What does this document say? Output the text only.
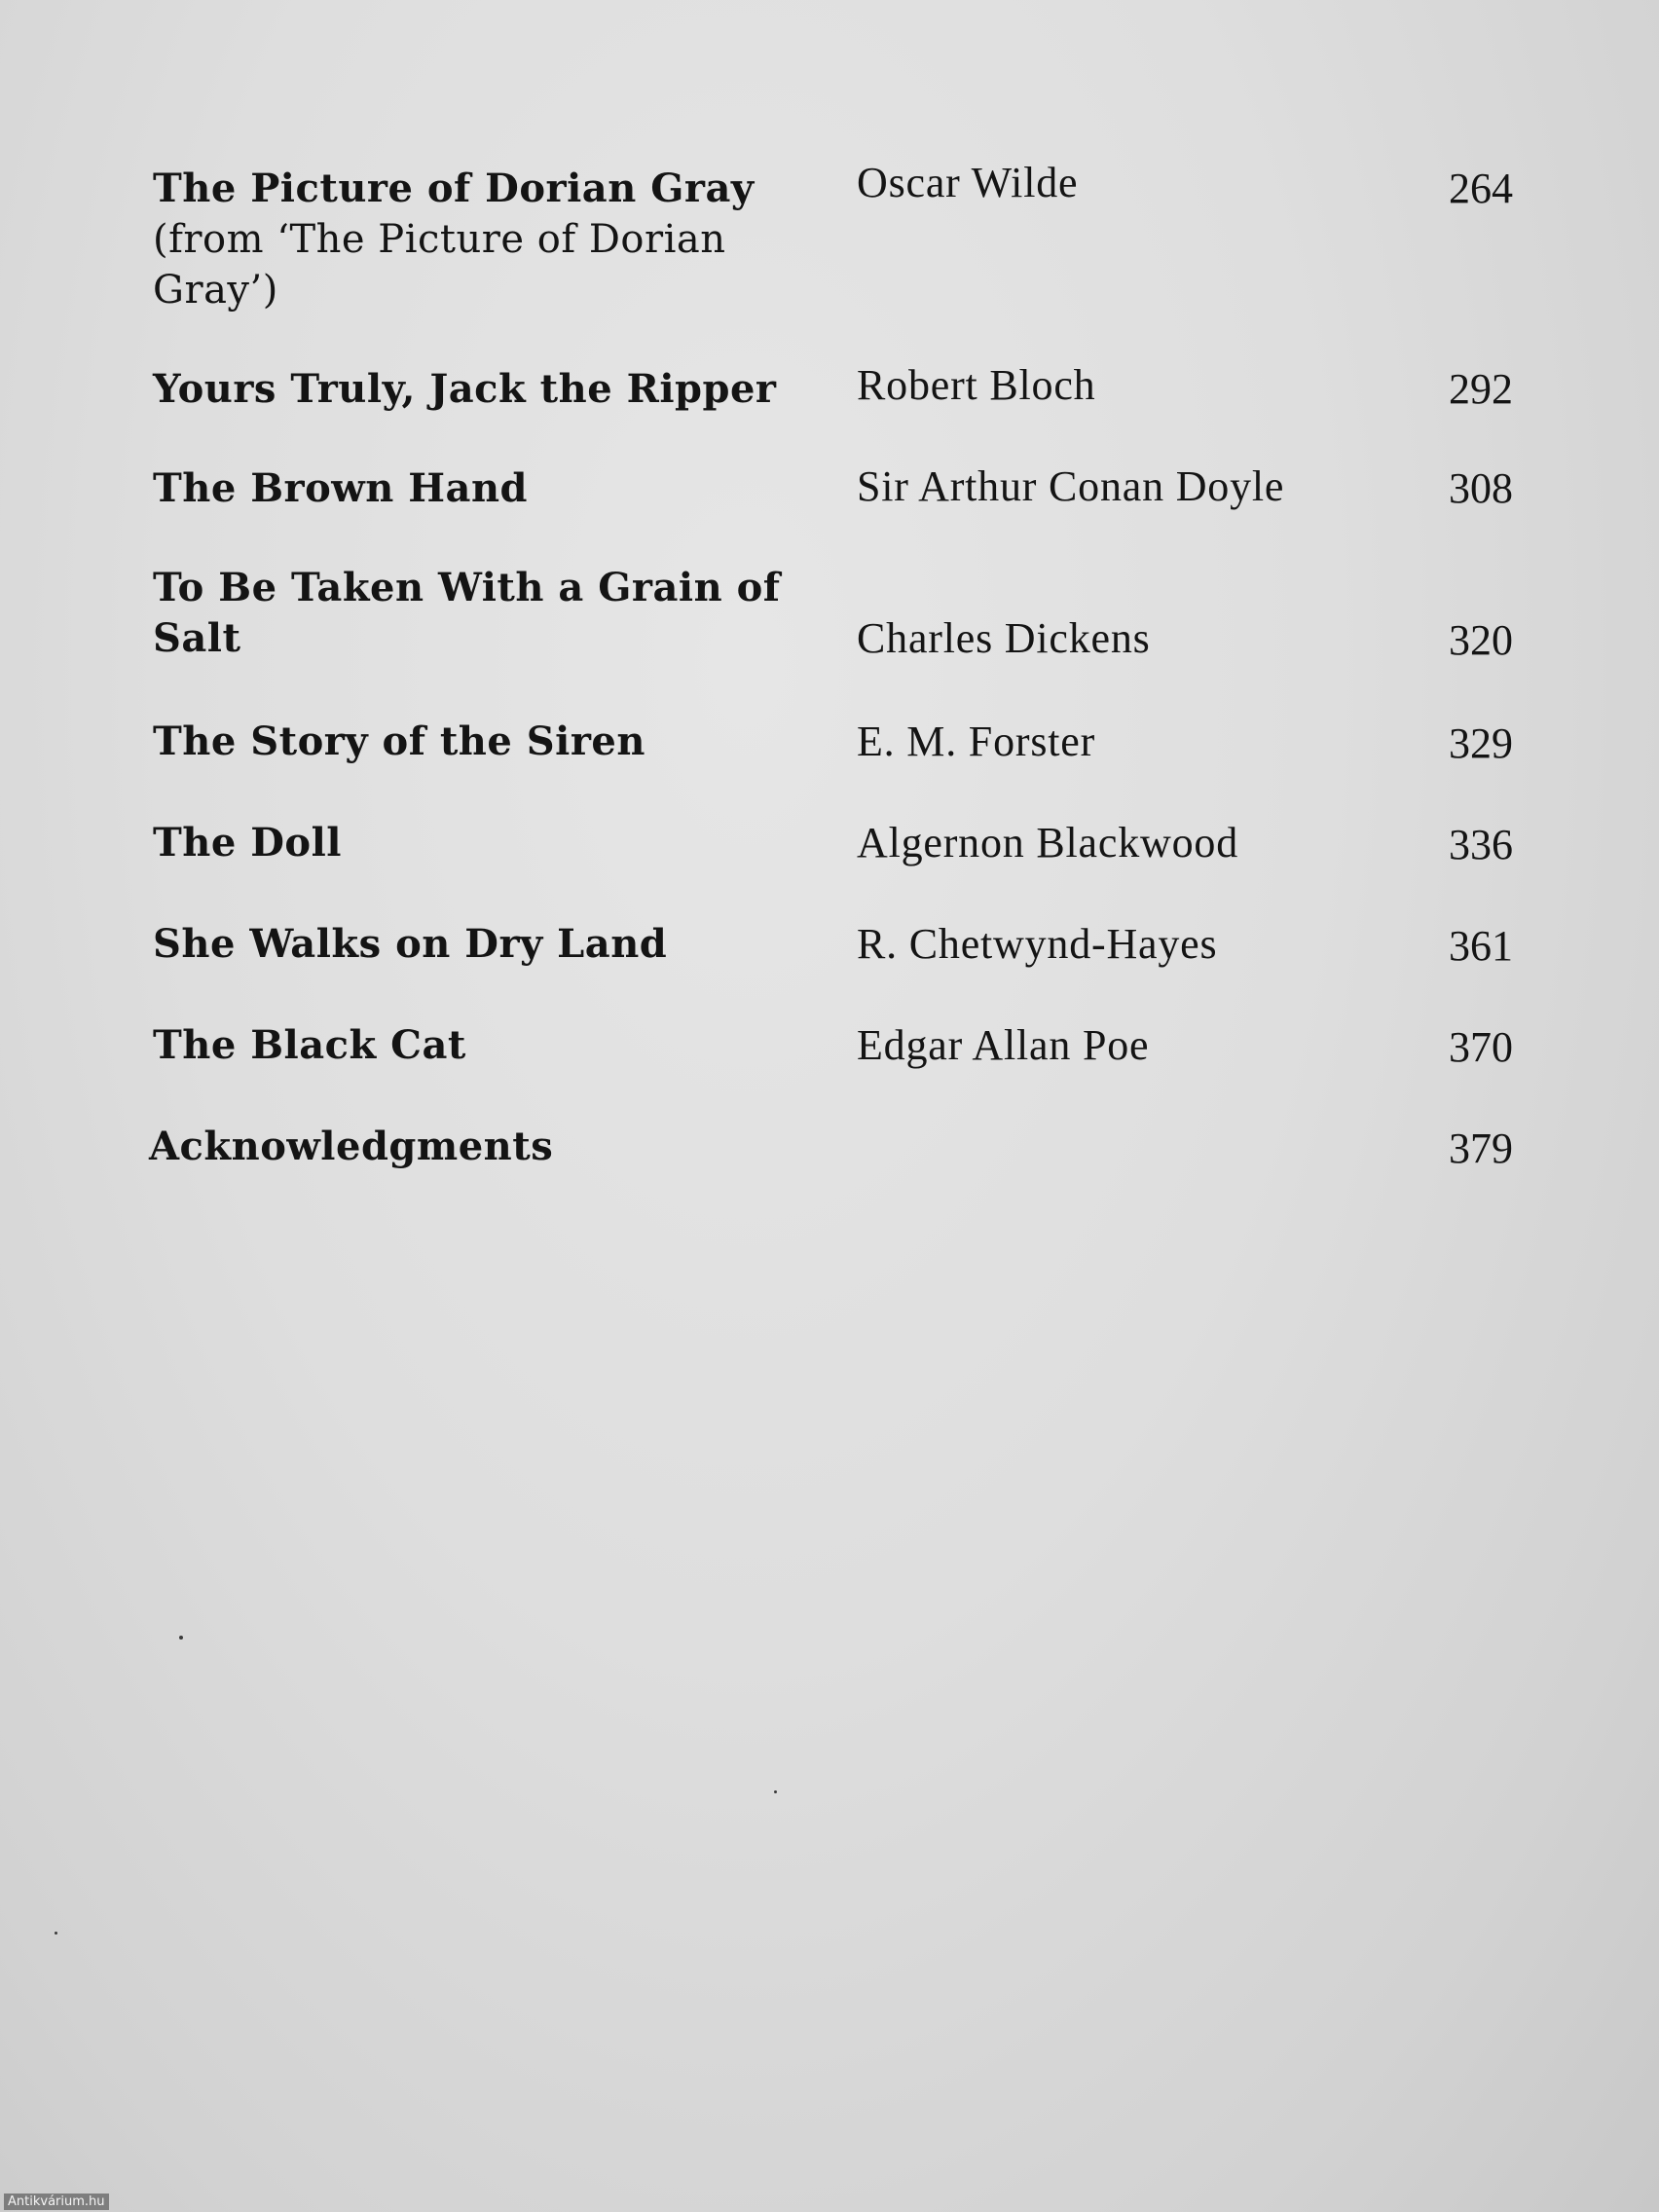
The Picture of Dorian Gray
(from ‘The Picture of Dorian Gray’)
Oscar Wilde	264
Yours Truly, Jack the Ripper	Robert Bloch	292
The Brown Hand	Sir Arthur Conan Doyle	308
To Be Taken With a Grain of
Salt	Charles Dickens	320
The Story of the Siren	E. M. Forster	329
The Doll	Algernon Blackwood	336
She Walks on Dry Land	R. Chetwynd-Hayes	361
The Black Cat	Edgar Allan Poe	370
Acknowledgments	379
Antikvárium.hu
